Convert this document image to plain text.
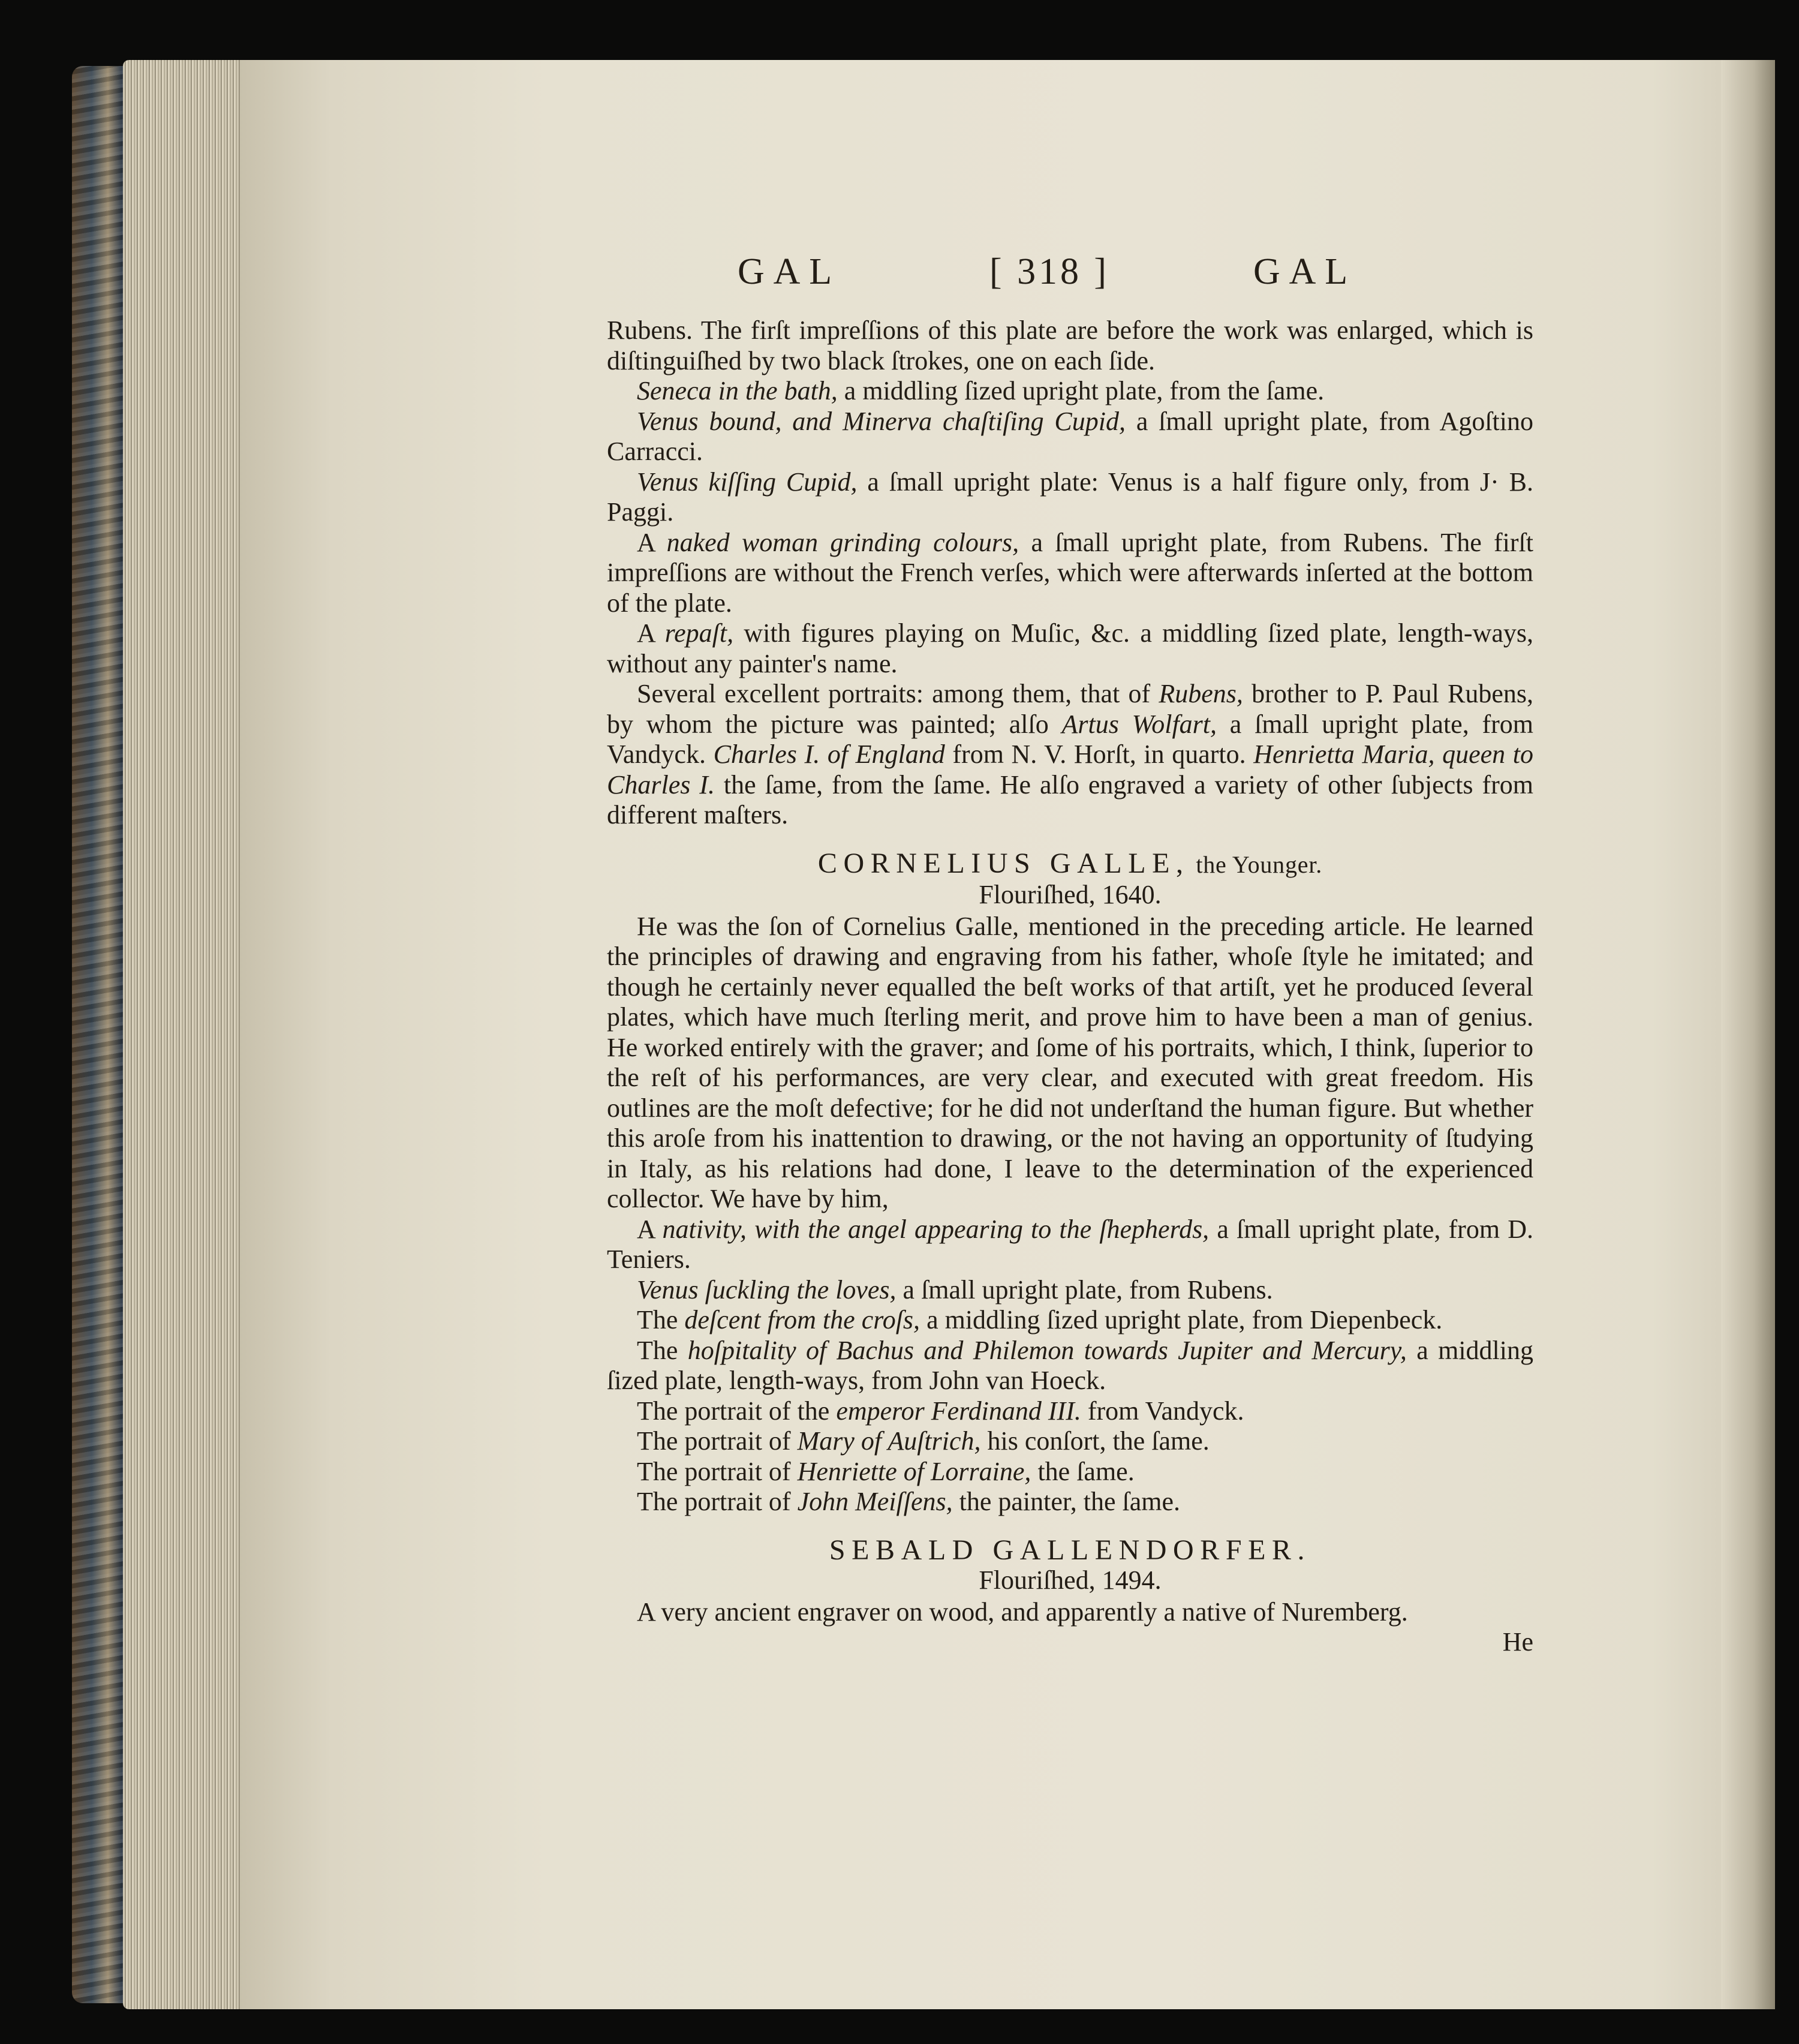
GAL	[ 318 ]	GAL

Rubens. The firſt impreſſions of this plate are before the work was enlarged, which is diſtinguiſhed by two black ſtrokes, one on each ſide.

Seneca in the bath, a middling ſized upright plate, from the ſame.

Venus bound, and Minerva chaſtiſing Cupid, a ſmall upright plate, from Agoſtino Carracci.

Venus kiſſing Cupid, a ſmall upright plate: Venus is a half figure only, from J· B. Paggi.

A naked woman grinding colours, a ſmall upright plate, from Rubens. The firſt impreſſions are without the French verſes, which were afterwards inſerted at the bottom of the plate.

A repaſt, with figures playing on Muſic, &c. a middling ſized plate, length-ways, without any painter's name.

Several excellent portraits: among them, that of Rubens, brother to P. Paul Rubens, by whom the picture was painted; alſo Artus Wolfart, a ſmall upright plate, from Vandyck. Charles I. of England from N. V. Horſt, in quarto. Henrietta Maria, queen to Charles I. the ſame, from the ſame. He alſo engraved a variety of other ſubjects from different maſters.

CORNELIUS GALLE, the Younger.

Flouriſhed, 1640.

He was the ſon of Cornelius Galle, mentioned in the preceding article. He learned the principles of drawing and engraving from his father, whoſe ſtyle he imitated; and though he certainly never equalled the beſt works of that artiſt, yet he produced ſeveral plates, which have much ſterling merit, and prove him to have been a man of genius. He worked entirely with the graver; and ſome of his portraits, which, I think, ſuperior to the reſt of his performances, are very clear, and executed with great freedom. His outlines are the moſt defective; for he did not underſtand the human figure. But whether this aroſe from his inattention to drawing, or the not having an opportunity of ſtudying in Italy, as his relations had done, I leave to the determination of the experienced collector. We have by him,

A nativity, with the angel appearing to the ſhepherds, a ſmall upright plate, from D. Teniers.

Venus ſuckling the loves, a ſmall upright plate, from Rubens.

The deſcent from the croſs, a middling ſized upright plate, from Diepenbeck.

The hoſpitality of Bachus and Philemon towards Jupiter and Mercury, a middling ſized plate, length-ways, from John van Hoeck.

The portrait of the emperor Ferdinand III. from Vandyck.

The portrait of Mary of Auſtrich, his conſort, the ſame.

The portrait of Henriette of Lorraine, the ſame.

The portrait of John Meiſſens, the painter, the ſame.

SEBALD GALLENDORFER.

Flouriſhed, 1494.

A very ancient engraver on wood, and apparently a native of Nuremberg.

He
